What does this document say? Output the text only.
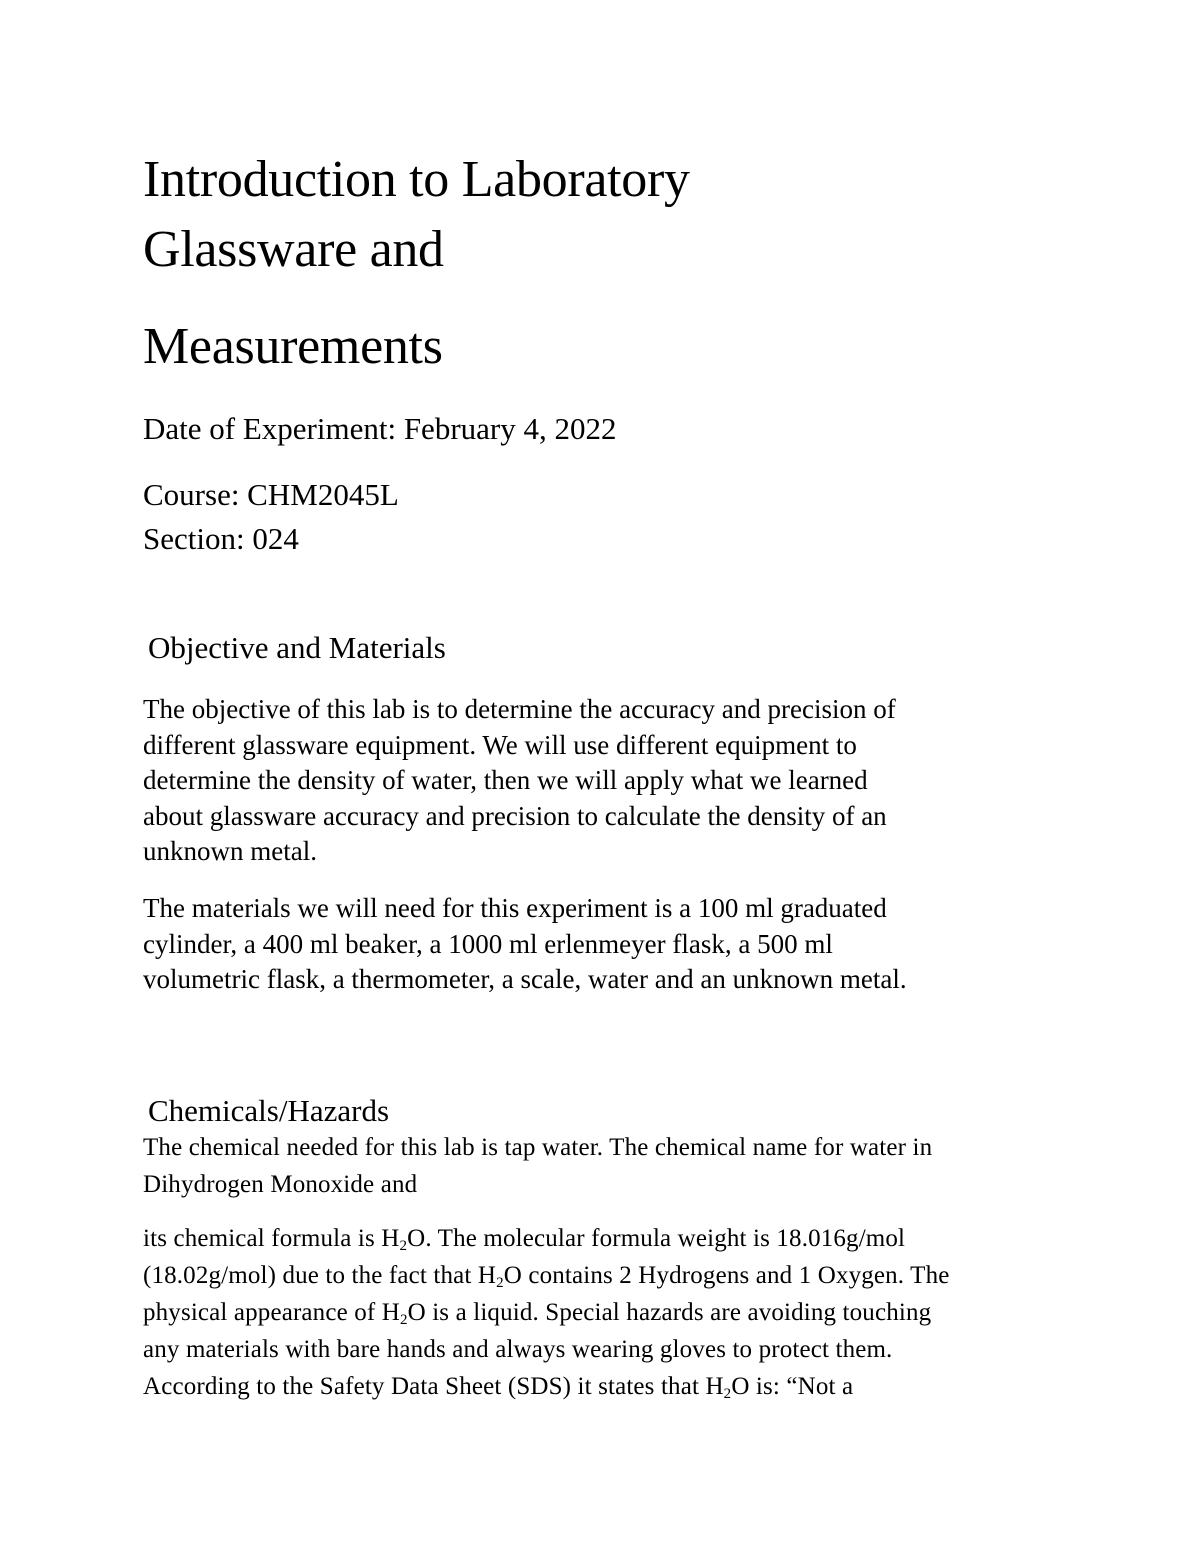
Introduction to Laboratory
Glassware and
Measurements
Date of Experiment: February 4, 2022
Course: CHM2045L
Section: 024
Objective and Materials
The objective of this lab is to determine the accuracy and precision of
different glassware equipment. We will use different equipment to
determine the density of water, then we will apply what we learned
about glassware accuracy and precision to calculate the density of an
unknown metal.
The materials we will need for this experiment is a 100 ml graduated
cylinder, a 400 ml beaker, a 1000 ml erlenmeyer flask, a 500 ml
volumetric flask, a thermometer, a scale, water and an unknown metal.
Chemicals/Hazards
The chemical needed for this lab is tap water. The chemical name for water in
Dihydrogen Monoxide and
its chemical formula is $H_2O$. The molecular formula weight is 18.016g/mol
(18.02g/mol) due to the fact that $H_2O$ contains 2 Hydrogens and 1 Oxygen. The
physical appearance of $H_2O$ is a liquid. Special hazards are avoiding touching
any materials with bare hands and always wearing gloves to protect them.
According to the Safety Data Sheet (SDS) it states that $H_2O$ is: “Not a
